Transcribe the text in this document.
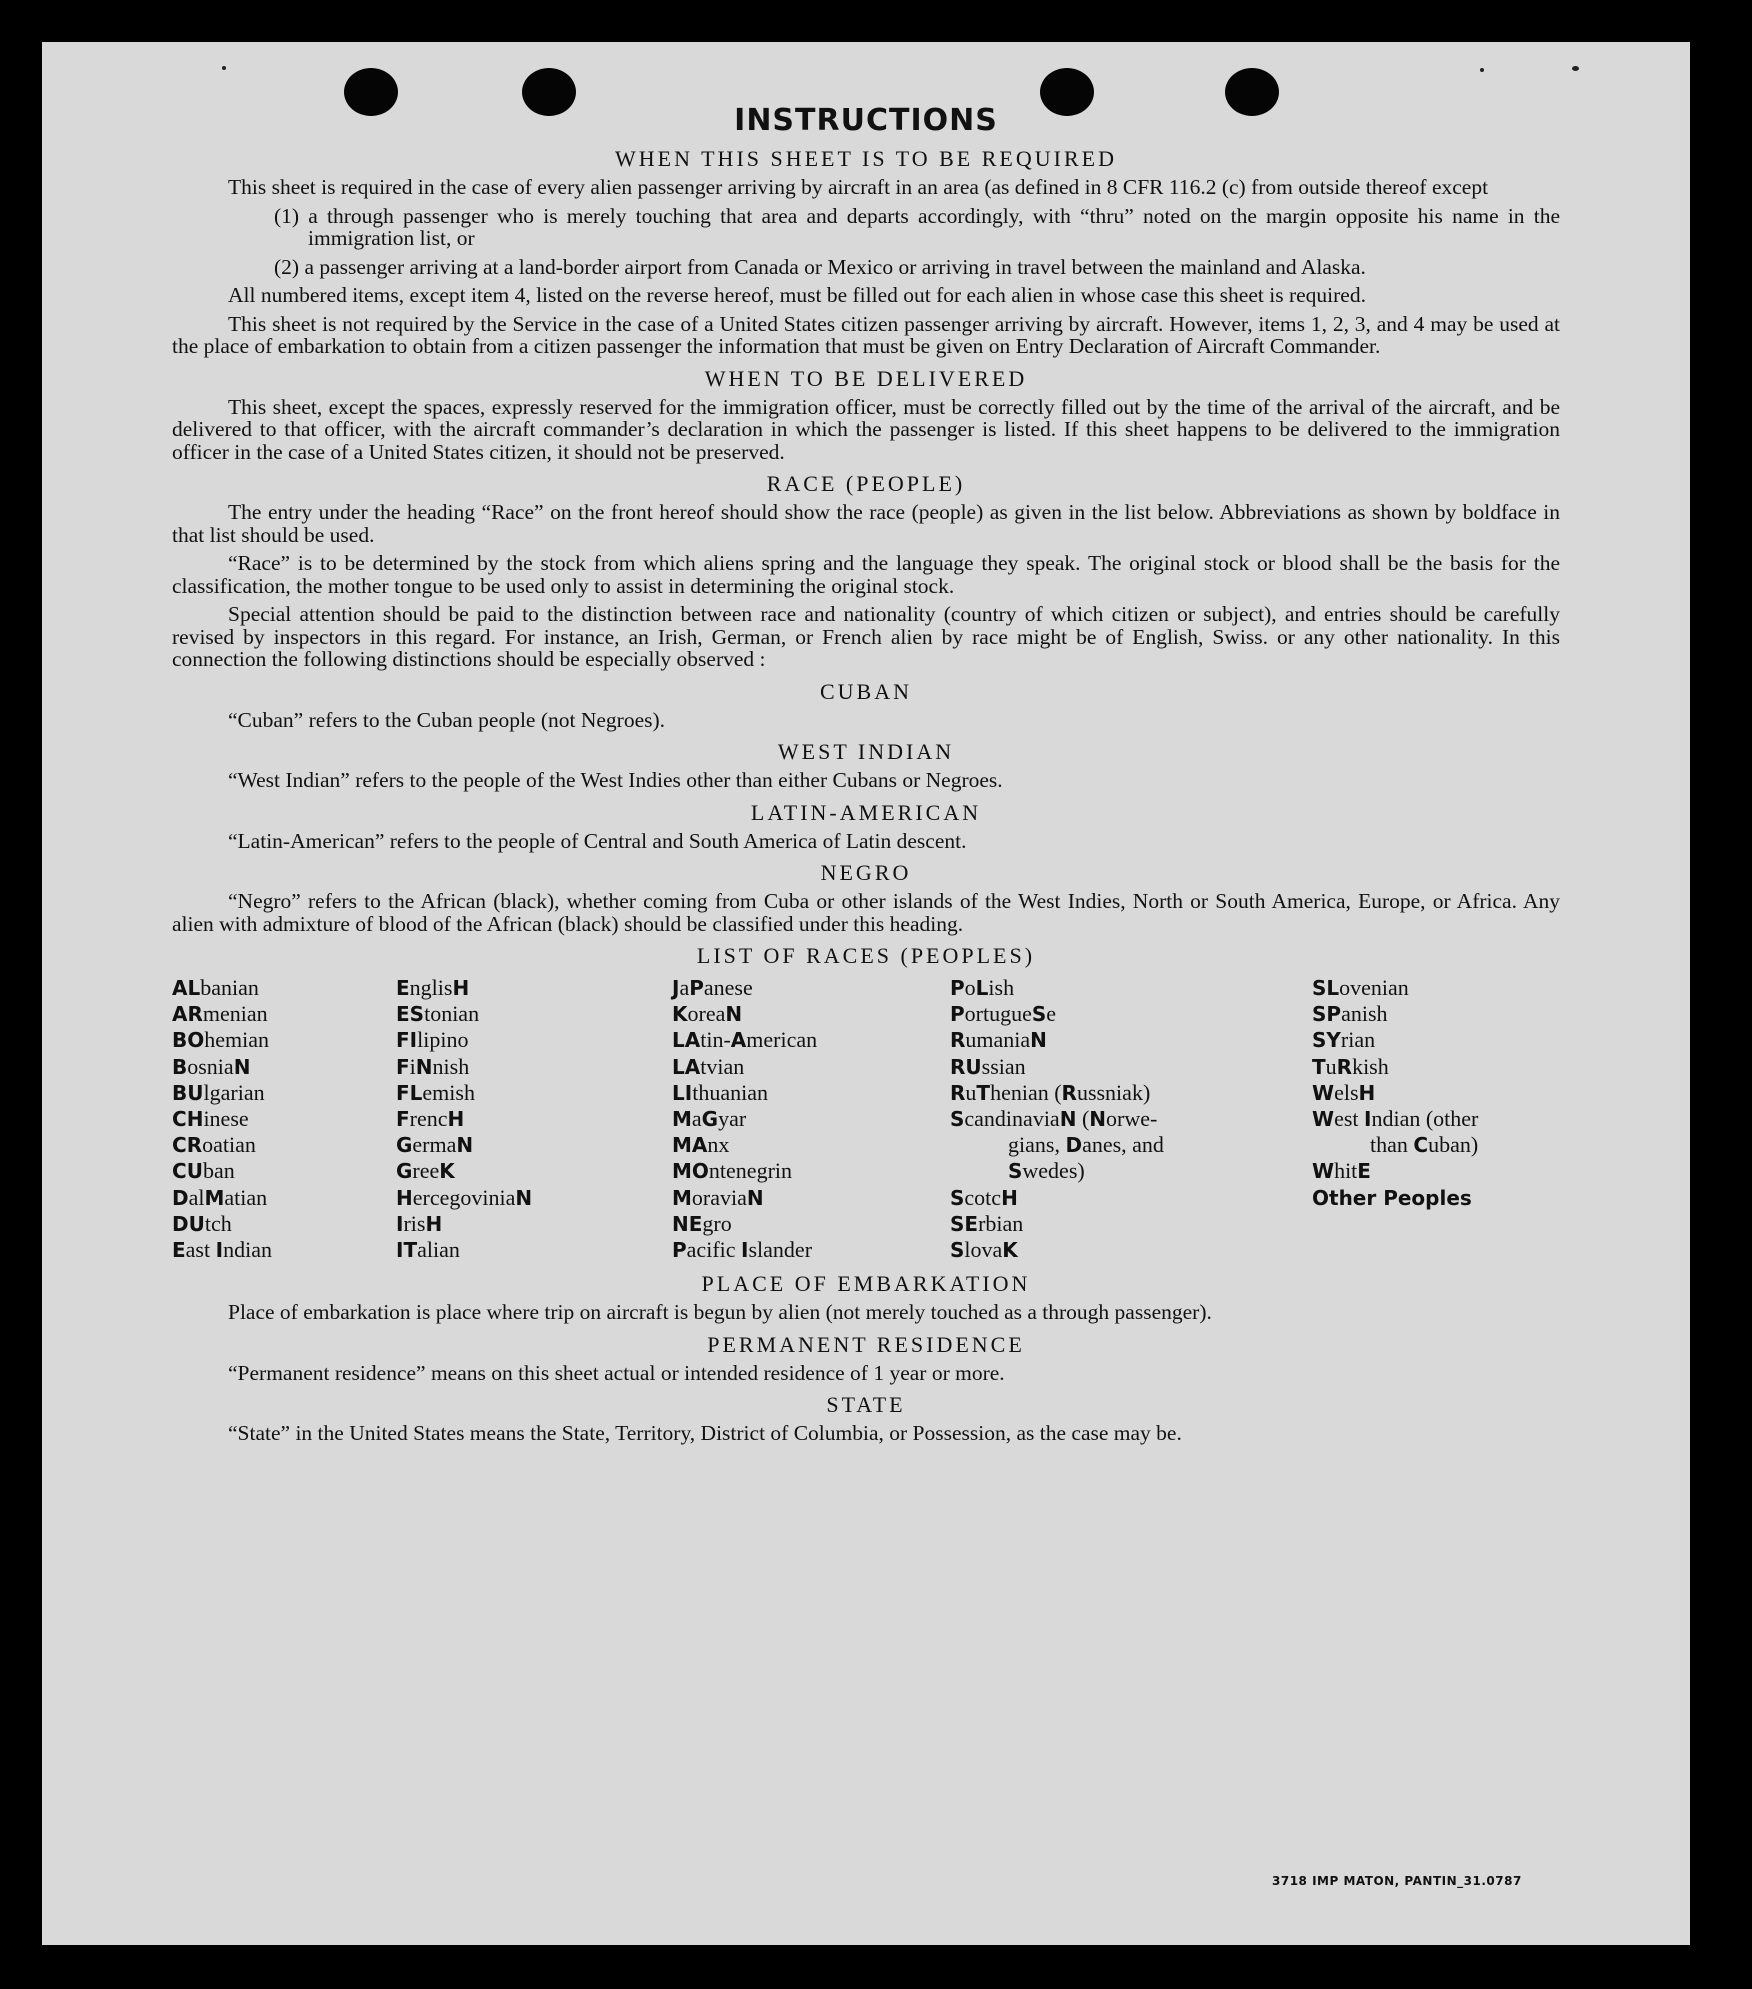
INSTRUCTIONS
WHEN THIS SHEET IS TO BE REQUIRED

This sheet is required in the case of every alien passenger arriving by aircraft in an area (as defined in 8 CFR 116.2 (c) from outside thereof except

(1) a through passenger who is merely touching that area and departs accordingly, with “thru” noted on the margin opposite his name in the immigration list, or

(2) a passenger arriving at a land-border airport from Canada or Mexico or arriving in travel between the mainland and Alaska.

All numbered items, except item 4, listed on the reverse hereof, must be filled out for each alien in whose case this sheet is required.

This sheet is not required by the Service in the case of a United States citizen passenger arriving by aircraft. However, items 1, 2, 3, and 4 may be used at the place of embarkation to obtain from a citizen passenger the information that must be given on Entry Declaration of Aircraft Commander.

WHEN TO BE DELIVERED

This sheet, except the spaces, expressly reserved for the immigration officer, must be correctly filled out by the time of the arrival of the aircraft, and be delivered to that officer, with the aircraft commander’s declaration in which the passenger is listed. If this sheet happens to be delivered to the immigration officer in the case of a United States citizen, it should not be preserved.

RACE (PEOPLE)

The entry under the heading “Race” on the front hereof should show the race (people) as given in the list below. Abbreviations as shown by boldface in that list should be used.

“Race” is to be determined by the stock from which aliens spring and the language they speak. The original stock or blood shall be the basis for the classification, the mother tongue to be used only to assist in determining the original stock.

Special attention should be paid to the distinction between race and nationality (country of which citizen or subject), and entries should be carefully revised by inspectors in this regard. For instance, an Irish, German, or French alien by race might be of English, Swiss. or any other nationality. In this connection the following distinctions should be especially observed :

CUBAN

“Cuban” refers to the Cuban people (not Negroes).

WEST INDIAN

“West Indian” refers to the people of the West Indies other than either Cubans or Negroes.

LATIN-AMERICAN

“Latin-American” refers to the people of Central and South America of Latin descent.

NEGRO

“Negro” refers to the African (black), whether coming from Cuba or other islands of the West Indies, North or South America, Europe, or Africa. Any alien with admixture of blood of the African (black) should be classified under this heading.

LIST OF RACES (PEOPLES)
ALbanian
ARmenian
BOhemian
BosniaN
BUlgarian
CHinese
CRoatian
CUban
DalMatian
DUtch
East Indian
EnglisH
EStonian
FIlipino
FiNnish
FLemish
FrencH
GermaN
GreeK
HercegoviniaN
IrisH
ITalian
JaPanese
KoreaN
LAtin-American
LAtvian
LIthuanian
MaGyar
MAnx
MOntenegrin
MoraviaN
NEgro
Pacific Islander
PoLish
PortugueSe
RumaniaN
RUssian
RuThenian (Russniak)
ScandinaviaN (Norwe-
gians, Danes, and
Swedes)
ScotcH
SErbian
SlovaK
SLovenian
SPanish
SYrian
TuRkish
WelsH
West Indian (other
than Cuban)
WhitE
Other Peoples
PLACE OF EMBARKATION

Place of embarkation is place where trip on aircraft is begun by alien (not merely touched as a through passenger).

PERMANENT RESIDENCE

“Permanent residence” means on this sheet actual or intended residence of 1 year or more.

STATE

“State” in the United States means the State, Territory, District of Columbia, or Possession, as the case may be.

3718 IMP MATON, PANTIN_31.0787
